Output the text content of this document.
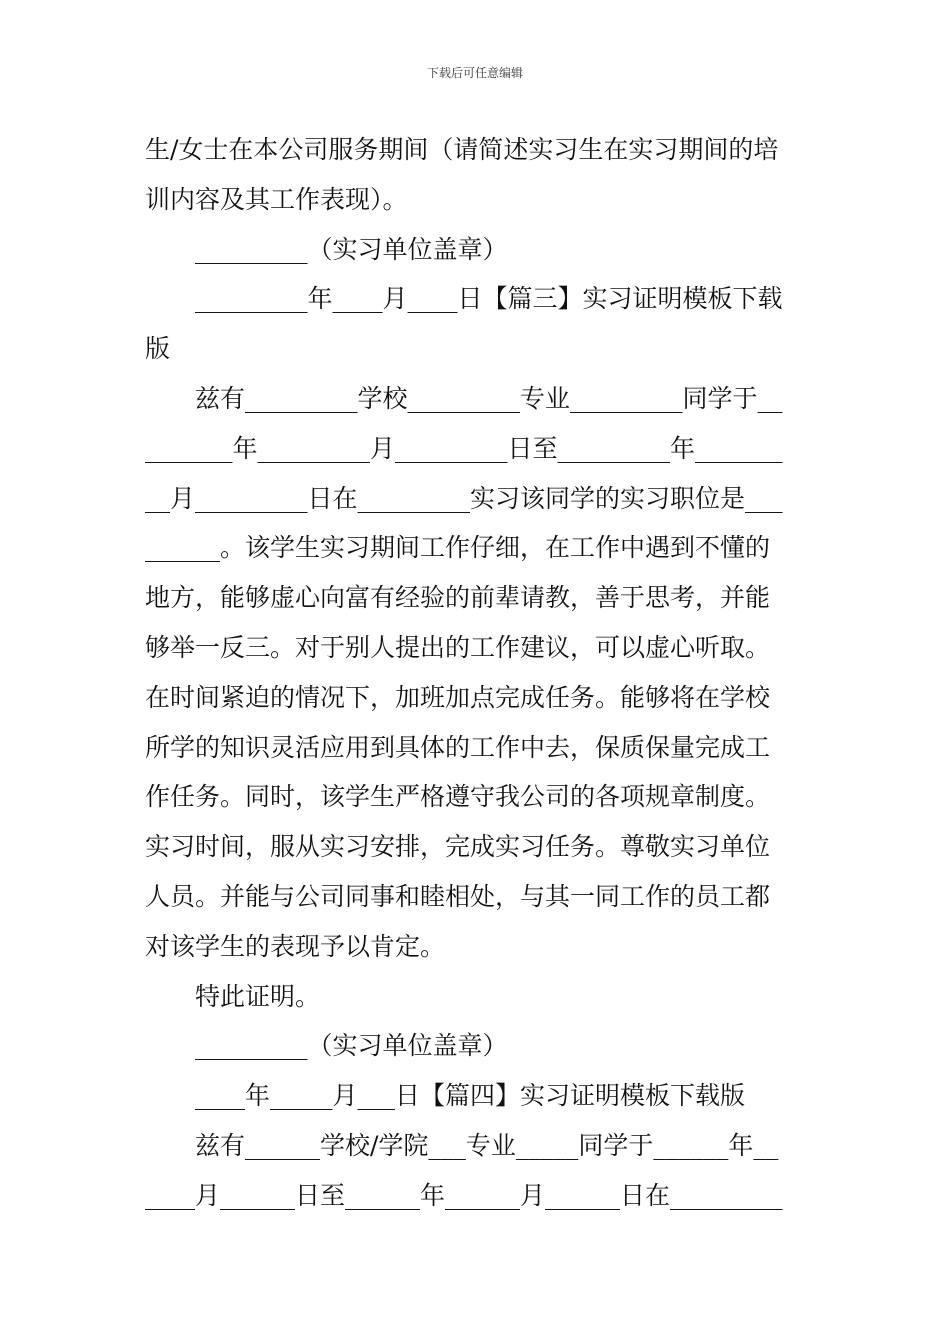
下载后可任意编辑
生/女士在本公司服务期间（请简述实习生在实习期间的培
训内容及其工作表现）。
_________（实习单位盖章）
_________年____月____日【篇三】实习证明模板下载
版
兹有_________学校_________专业_________同学于__
_______年_________月_________日至_________年_______
__月_________日在_________实习该同学的实习职位是___
______。该学生实习期间工作仔细，在工作中遇到不懂的
地方，能够虚心向富有经验的前辈请教，善于思考，并能
够举一反三。对于别人提出的工作建议，可以虚心听取。
在时间紧迫的情况下，加班加点完成任务。能够将在学校
所学的知识灵活应用到具体的工作中去，保质保量完成工
作任务。同时，该学生严格遵守我公司的各项规章制度。
实习时间，服从实习安排，完成实习任务。尊敬实习单位
人员。并能与公司同事和睦相处，与其一同工作的员工都
对该学生的表现予以肯定。
特此证明。
_________（实习单位盖章）
____年_____月___日【篇四】实习证明模板下载版
兹有______学校/学院___专业_____同学于______年__
____月______日至______年______月______日在_________
